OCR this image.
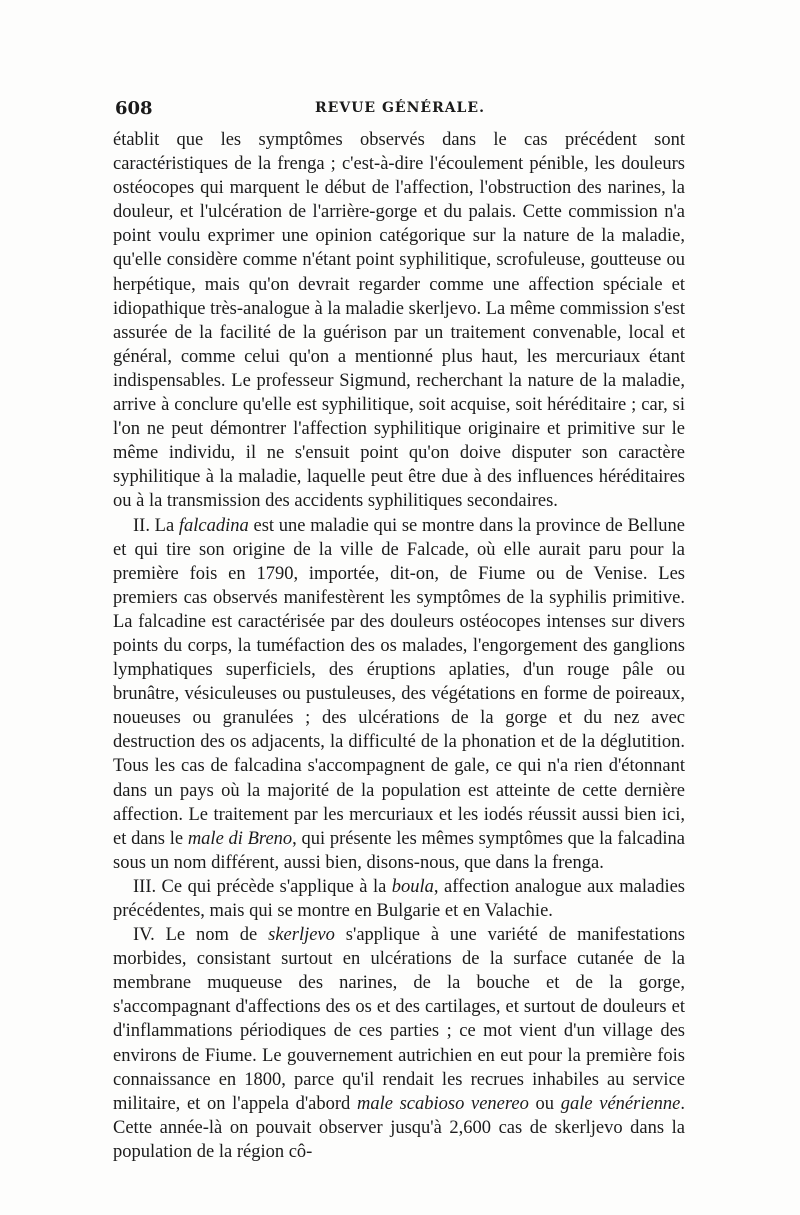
608	REVUE GÉNÉRALE.

établit que les symptômes observés dans le cas précédent sont caractéristiques de la frenga ; c'est-à-dire l'écoulement pénible, les douleurs ostéocopes qui marquent le début de l'affection, l'obstruction des narines, la douleur, et l'ulcération de l'arrière-gorge et du palais. Cette commission n'a point voulu exprimer une opinion catégorique sur la nature de la maladie, qu'elle considère comme n'étant point syphilitique, scrofuleuse, goutteuse ou herpétique, mais qu'on devrait regarder comme une affection spéciale et idiopathique très-analogue à la maladie skerljevo. La même commission s'est assurée de la facilité de la guérison par un traitement convenable, local et général, comme celui qu'on a mentionné plus haut, les mercuriaux étant indispensables. Le professeur Sigmund, recherchant la nature de la maladie, arrive à conclure qu'elle est syphilitique, soit acquise, soit héréditaire ; car, si l'on ne peut démontrer l'affection syphilitique originaire et primitive sur le même individu, il ne s'ensuit point qu'on doive disputer son caractère syphilitique à la maladie, laquelle peut être due à des influences héréditaires ou à la transmission des accidents syphilitiques secondaires.

II. La falcadina est une maladie qui se montre dans la province de Bellune et qui tire son origine de la ville de Falcade, où elle aurait paru pour la première fois en 1790, importée, dit-on, de Fiume ou de Venise. Les premiers cas observés manifestèrent les symptômes de la syphilis primitive. La falcadine est caractérisée par des douleurs ostéocopes intenses sur divers points du corps, la tuméfaction des os malades, l'engorgement des ganglions lymphatiques superficiels, des éruptions aplaties, d'un rouge pâle ou brunâtre, vésiculeuses ou pustuleuses, des végétations en forme de poireaux, noueuses ou granulées ; des ulcérations de la gorge et du nez avec destruction des os adjacents, la difficulté de la phonation et de la déglutition. Tous les cas de falcadina s'accompagnent de gale, ce qui n'a rien d'étonnant dans un pays où la majorité de la population est atteinte de cette dernière affection. Le traitement par les mercuriaux et les iodés réussit aussi bien ici, et dans le male di Breno, qui présente les mêmes symptômes que la falcadina sous un nom différent, aussi bien, disons-nous, que dans la frenga.

III. Ce qui précède s'applique à la boula, affection analogue aux maladies précédentes, mais qui se montre en Bulgarie et en Valachie.

IV. Le nom de skerljevo s'applique à une variété de manifestations morbides, consistant surtout en ulcérations de la surface cutanée de la membrane muqueuse des narines, de la bouche et de la gorge, s'accompagnant d'affections des os et des cartilages, et surtout de douleurs et d'inflammations périodiques de ces parties ; ce mot vient d'un village des environs de Fiume. Le gouvernement autrichien en eut pour la première fois connaissance en 1800, parce qu'il rendait les recrues inhabiles au service militaire, et on l'appela d'abord male scabioso venereo ou gale vénérienne. Cette année-là on pouvait observer jusqu'à 2,600 cas de skerljevo dans la population de la région cô-
